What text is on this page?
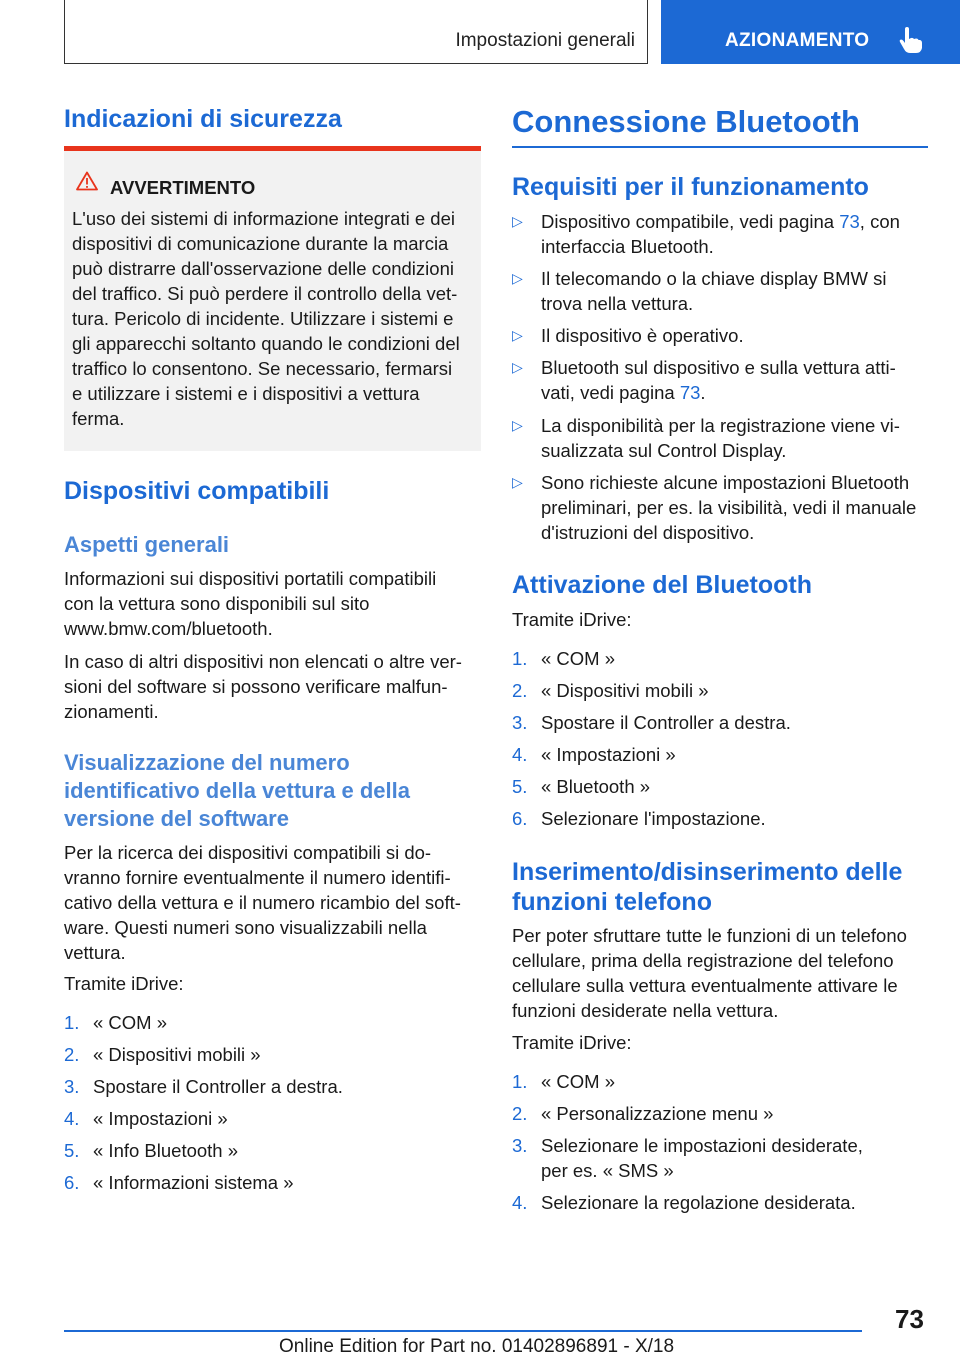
Impostazioni generali	AZIONAMENTO
Indicazioni di sicurezza
AVVERTIMENTO
L'uso dei sistemi di informazione integrati e dei
dispositivi di comunicazione durante la marcia
può distrarre dall'osservazione delle condizioni
del traffico. Si può perdere il controllo della vet‐
tura. Pericolo di incidente. Utilizzare i sistemi e
gli apparecchi soltanto quando le condizioni del
traffico lo consentono. Se necessario, fermarsi
e utilizzare i sistemi e i dispositivi a vettura
ferma.
Dispositivi compatibili
Aspetti generali
Informazioni sui dispositivi portatili compatibili
con la vettura sono disponibili sul sito
www.bmw.com/bluetooth.
In caso di altri dispositivi non elencati o altre ver‐
sioni del software si possono verificare malfun‐
zionamenti.
Visualizzazione del numero
identificativo della vettura e della
versione del software
Per la ricerca dei dispositivi compatibili si do‐
vranno fornire eventualmente il numero identifi‐
cativo della vettura e il numero ricambio del soft‐
ware. Questi numeri sono visualizzabili nella
vettura.
Tramite iDrive:
1. « COM »
2. « Dispositivi mobili »
3. Spostare il Controller a destra.
4. « Impostazioni »
5. « Info Bluetooth »
6. « Informazioni sistema »
Connessione Bluetooth
Requisiti per il funzionamento
▷ Dispositivo compatibile, vedi pagina 73, con
interfaccia Bluetooth.
▷ Il telecomando o la chiave display BMW si
trova nella vettura.
▷ Il dispositivo è operativo.
▷ Bluetooth sul dispositivo e sulla vettura atti‐
vati, vedi pagina 73.
▷ La disponibilità per la registrazione viene vi‐
sualizzata sul Control Display.
▷ Sono richieste alcune impostazioni Bluetooth
preliminari, per es. la visibilità, vedi il manuale
d'istruzioni del dispositivo.
Attivazione del Bluetooth
Tramite iDrive:
1. « COM »
2. « Dispositivi mobili »
3. Spostare il Controller a destra.
4. « Impostazioni »
5. « Bluetooth »
6. Selezionare l'impostazione.
Inserimento/disinserimento delle
funzioni telefono
Per poter sfruttare tutte le funzioni di un telefono
cellulare, prima della registrazione del telefono
cellulare sulla vettura eventualmente attivare le
funzioni desiderate nella vettura.
Tramite iDrive:
1. « COM »
2. « Personalizzazione menu »
3. Selezionare le impostazioni desiderate,
per es. « SMS »
4. Selezionare la regolazione desiderata.
73
Online Edition for Part no. 01402896891 - X/18
